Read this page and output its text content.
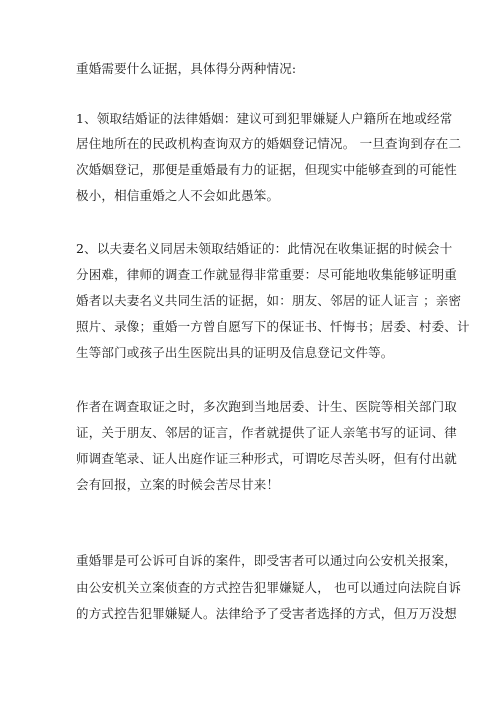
重婚需要什么证据，具体得分两种情况:
1、领取结婚证的法律婚姻：建议可到犯罪嫌疑人户籍所在地或经常
居住地所在的民政机构查询双方的婚姻登记情况。 一旦查询到存在二
次婚姻登记，那便是重婚最有力的证据，但现实中能够查到的可能性
极小，相信重婚之人不会如此愚笨。
2、以夫妻名义同居未领取结婚证的：此情况在收集证据的时候会十
分困难，律师的调查工作就显得非常重要：尽可能地收集能够证明重
婚者以夫妻名义共同生活的证据，如：朋友、邻居的证人证言 ；亲密
照片、录像；重婚一方曾自愿写下的保证书、忏悔书；居委、村委、计
生等部门或孩子出生医院出具的证明及信息登记文件等。
作者在调查取证之时，多次跑到当地居委、计生、医院等相关部门取
证，关于朋友、邻居的证言，作者就提供了证人亲笔书写的证词、律
师调查笔录、证人出庭作证三种形式，可谓吃尽苦头呀，但有付出就
会有回报，立案的时候会苦尽甘来！
重婚罪是可公诉可自诉的案件，即受害者可以通过向公安机关报案，
由公安机关立案侦查的方式控告犯罪嫌疑人， 也可以通过向法院自诉
的方式控告犯罪嫌疑人。法律给予了受害者选择的方式，但万万没想
